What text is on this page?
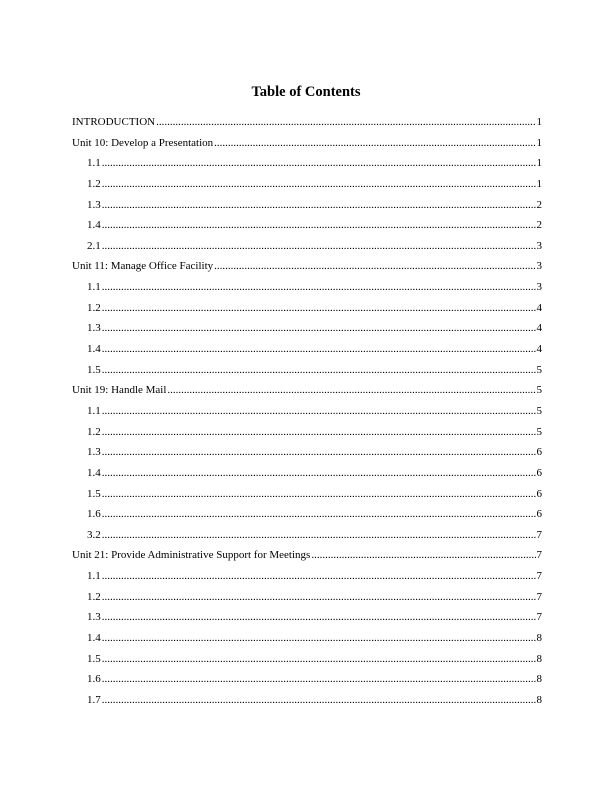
Table of Contents
INTRODUCTION .....	1
Unit 10: Develop a Presentation .....	1
1.1 .....	1
1.2 .....	1
1.3 .....	2
1.4 .....	2
2.1 .....	3
Unit 11: Manage Office Facility .....	3
1.1 .....	3
1.2 .....	4
1.3 .....	4
1.4 .....	4
1.5 .....	5
Unit 19: Handle Mail .....	5
1.1 .....	5
1.2 .....	5
1.3 .....	6
1.4 .....	6
1.5 .....	6
1.6 .....	6
3.2 .....	7
Unit 21: Provide Administrative Support for Meetings .....	7
1.1 .....	7
1.2 .....	7
1.3 .....	7
1.4 .....	8
1.5 .....	8
1.6 .....	8
1.7 .....	8
